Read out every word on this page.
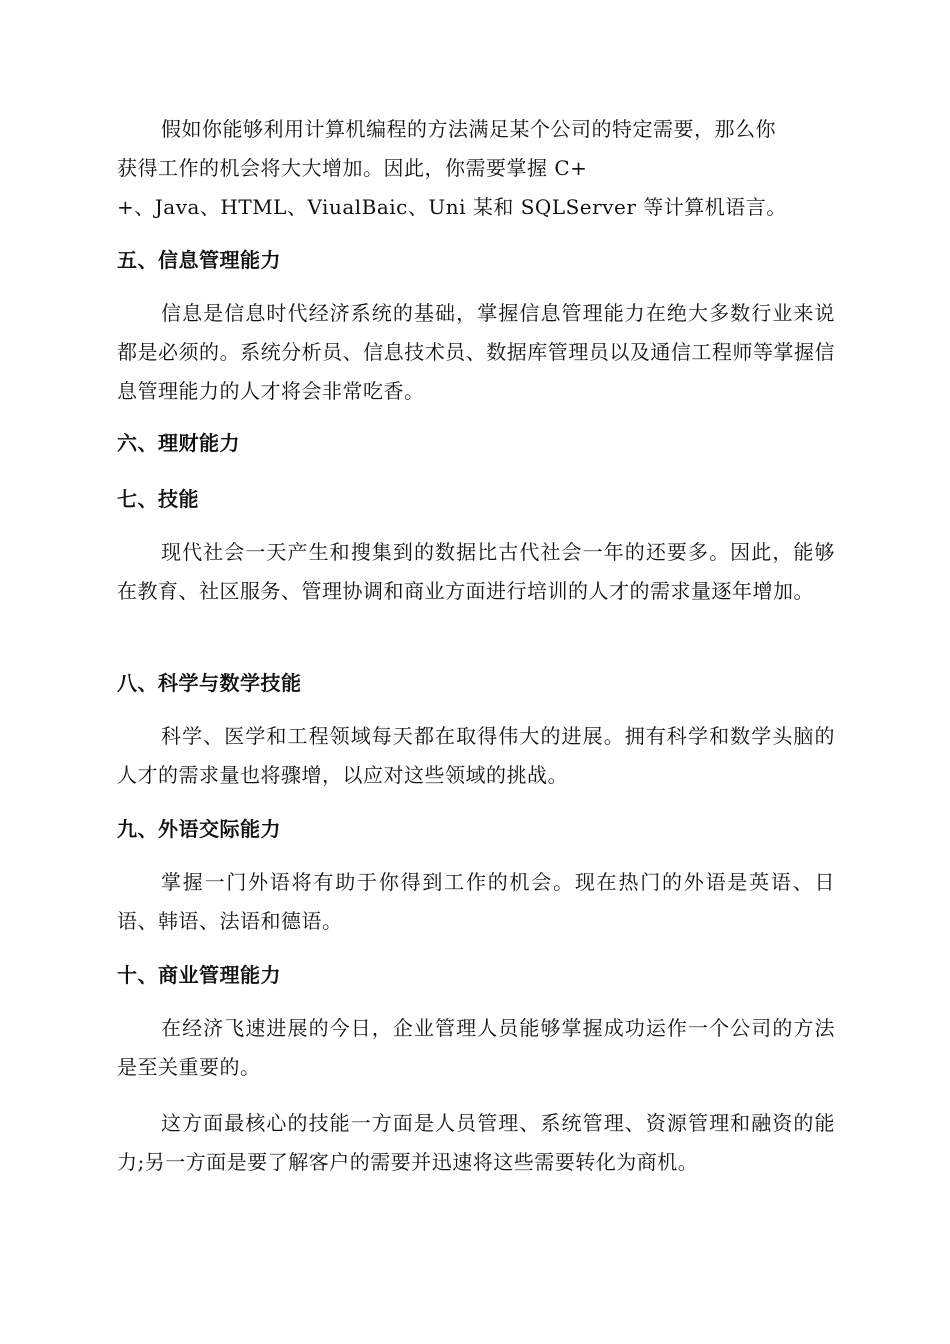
假如你能够利用计算机编程的方法满足某个公司的特定需要，那么你

获得工作的机会将大大增加。因此，你需要掌握 C+

+、Java、HTML、ViualBaic、Uni 某和 SQLServer 等计算机语言。

五、信息管理能力

信息是信息时代经济系统的基础，掌握信息管理能力在绝大多数行业来说都是必须的。系统分析员、信息技术员、数据库管理员以及通信工程师等掌握信息管理能力的人才将会非常吃香。

六、理财能力
七、技能

现代社会一天产生和搜集到的数据比古代社会一年的还要多。因此，能够在教育、社区服务、管理协调和商业方面进行培训的人才的需求量逐年增加。

八、科学与数学技能

科学、医学和工程领域每天都在取得伟大的进展。拥有科学和数学头脑的人才的需求量也将骤增，以应对这些领域的挑战。

九、外语交际能力

掌握一门外语将有助于你得到工作的机会。现在热门的外语是英语、日语、韩语、法语和德语。

十、商业管理能力

在经济飞速进展的今日，企业管理人员能够掌握成功运作一个公司的方法是至关重要的。

这方面最核心的技能一方面是人员管理、系统管理、资源管理和融资的能力;另一方面是要了解客户的需要并迅速将这些需要转化为商机。
